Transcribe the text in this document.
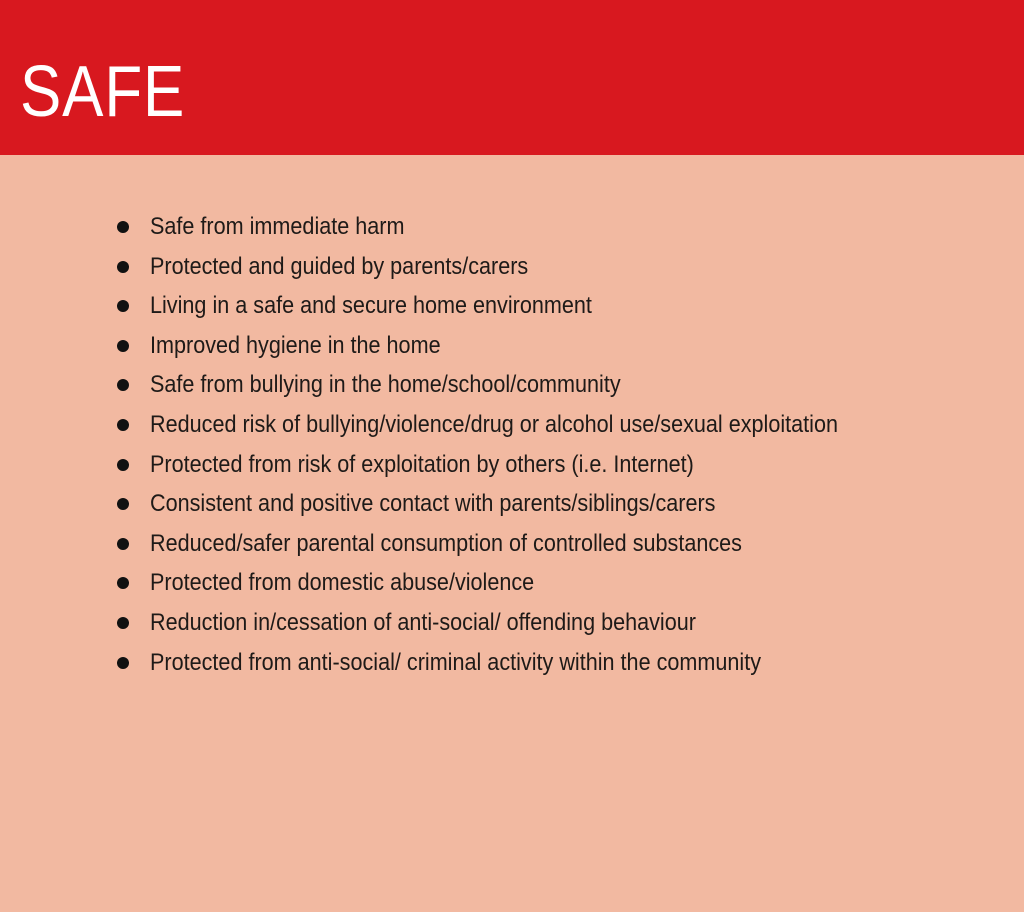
SAFE
Safe from immediate harm
Protected and guided by parents/carers
Living in a safe and secure home environment
Improved hygiene in the home
Safe from bullying in the home/school/community
Reduced risk of bullying/violence/drug or alcohol use/sexual exploitation
Protected from risk of exploitation by others (i.e. Internet)
Consistent and positive contact with parents/siblings/carers
Reduced/safer parental consumption of controlled substances
Protected from domestic abuse/violence
Reduction in/cessation of anti-social/ offending behaviour
Protected from anti-social/ criminal activity within the community
